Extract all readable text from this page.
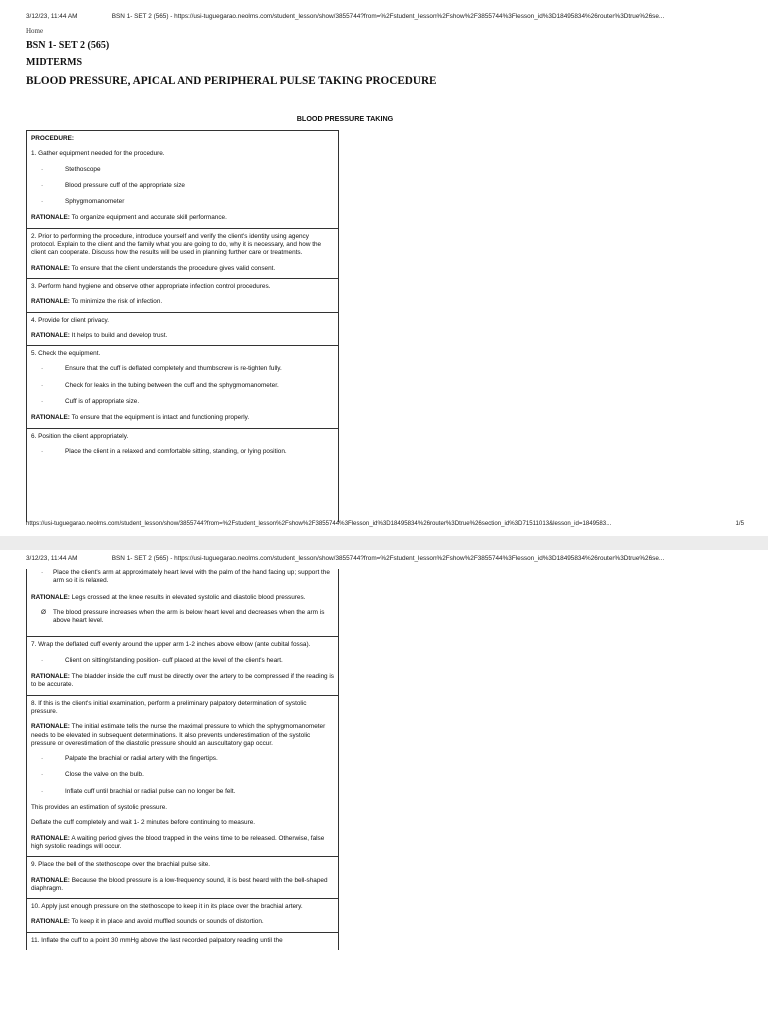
3/12/23, 11:44 AM	BSN 1- SET 2 (565) - https://usi-tuguegarao.neolms.com/student_lesson/show/3855744?from=%2Fstudent_lesson%2Fshow%2F3855744%3Flesson_id%3D18495834%26router%3Dtrue%26se...
Home
BSN 1- SET 2 (565)
MIDTERMS
BLOOD PRESSURE, APICAL AND PERIPHERAL PULSE TAKING PROCEDURE
BLOOD PRESSURE TAKING

PROCEDURE:

1. Gather equipment needed for the procedure.

·	Stethoscope
·	Blood pressure cuff of the appropriate size
·	Sphygmomanometer

RATIONALE: To organize equipment and accurate skill performance.

2. Prior to performing the procedure, introduce yourself and verify the client's identity using agency protocol. Explain to the client and the family what you are going to do, why it is necessary, and how the client can cooperate. Discuss how the results will be used in planning further care or treatments.

RATIONALE: To ensure that the client understands the procedure gives valid consent.

3. Perform hand hygiene and observe other appropriate infection control procedures.

RATIONALE: To minimize the risk of infection.

4. Provide for client privacy.

RATIONALE: It helps to build and develop trust.

5. Check the equipment.

·	Ensure that the cuff is deflated completely and thumbscrew is re-tighten fully.
·	Check for leaks in the tubing between the cuff and the sphygmomanometer.
·	Cuff is of appropriate size.

RATIONALE: To ensure that the equipment is intact and functioning properly.

6. Position the client appropriately.

·	Place the client in a relaxed and comfortable sitting, standing, or lying position.
https://usi-tuguegarao.neolms.com/student_lesson/show/3855744?from=%2Fstudent_lesson%2Fshow%2F3855744%3Flesson_id%3D18495834%26router%3Dtrue%26section_id%3D71511013&lesson_id=1849583...	1/5
3/12/23, 11:44 AM	BSN 1- SET 2 (565) - https://usi-tuguegarao.neolms.com/student_lesson/show/3855744?from=%2Fstudent_lesson%2Fshow%2F3855744%3Flesson_id%3D18495834%26router%3Dtrue%26se...
· Place the client's arm at approximately heart level with the palm of the hand facing up; support the arm so it is relaxed.

RATIONALE: Legs crossed at the knee results in elevated systolic and diastolic blood pressures.

Ø The blood pressure increases when the arm is below heart level and decreases when the arm is above heart level.

7. Wrap the deflated cuff evenly around the upper arm 1-2 inches above elbow (ante cubital fossa).

·	Client on sitting/standing position- cuff placed at the level of the client's heart.

RATIONALE: The bladder inside the cuff must be directly over the artery to be compressed if the reading is to be accurate.

8. If this is the client's initial examination, perform a preliminary palpatory determination of systolic pressure.

RATIONALE: The initial estimate tells the nurse the maximal pressure to which the sphygmomanometer needs to be elevated in subsequent determinations. It also prevents underestimation of the systolic pressure or overestimation of the diastolic pressure should an auscultatory gap occur.

·	Palpate the brachial or radial artery with the fingertips.
·	Close the valve on the bulb.
·	Inflate cuff until brachial or radial pulse can no longer be felt.

This provides an estimation of systolic pressure.

Deflate the cuff completely and wait 1- 2 minutes before continuing to measure.

RATIONALE: A waiting period gives the blood trapped in the veins time to be released. Otherwise, false high systolic readings will occur.

9. Place the bell of the stethoscope over the brachial pulse site.

RATIONALE: Because the blood pressure is a low-frequency sound, it is best heard with the bell-shaped diaphragm.

10. Apply just enough pressure on the stethoscope to keep it in its place over the brachial artery.

RATIONALE: To keep it in place and avoid muffled sounds or sounds of distortion.

11. Inflate the cuff to a point 30 mmHg above the last recorded palpatory reading until the
